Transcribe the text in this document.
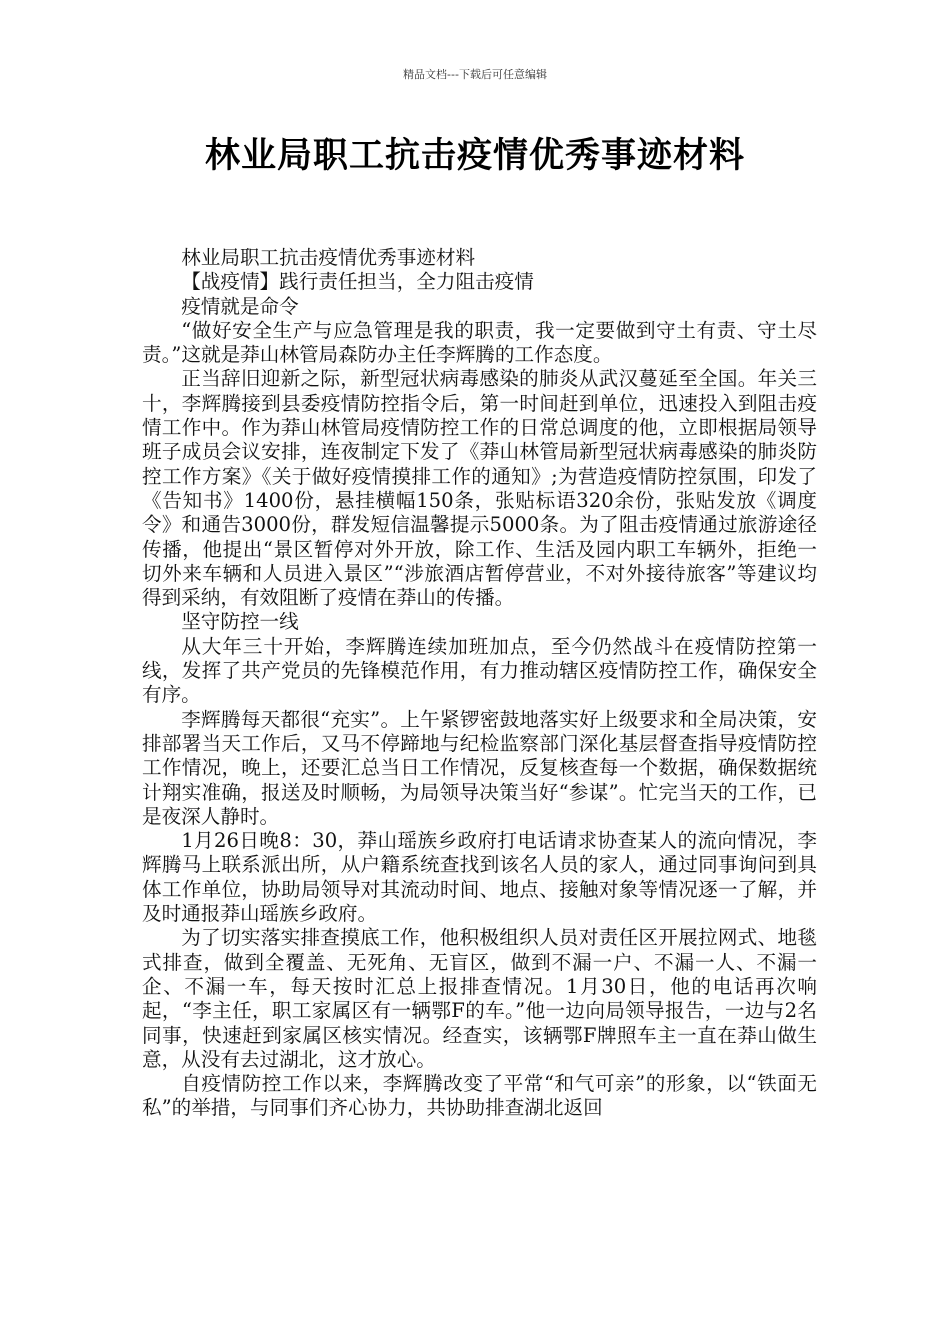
精品文档---下载后可任意编辑
林业局职工抗击疫情优秀事迹材料

林业局职工抗击疫情优秀事迹材料

【战疫情】践行责任担当，全力阻击疫情

疫情就是命令

“做好安全生产与应急管理是我的职责，我一定要做到守土有责、守土尽责。”这就是莽山林管局森防办主任李辉腾的工作态度。

正当辞旧迎新之际，新型冠状病毒感染的肺炎从武汉蔓延至全国。年关三十，李辉腾接到县委疫情防控指令后，第一时间赶到单位，迅速投入到阻击疫情工作中。作为莽山林管局疫情防控工作的日常总调度的他，立即根据局领导班子成员会议安排，连夜制定下发了《莽山林管局新型冠状病毒感染的肺炎防控工作方案》《关于做好疫情摸排工作的通知》;为营造疫情防控氛围，印发了《告知书》1400份，悬挂横幅150条，张贴标语320余份，张贴发放《调度令》和通告3000份，群发短信温馨提示5000条。为了阻击疫情通过旅游途径传播，他提出“景区暂停对外开放，除工作、生活及园内职工车辆外，拒绝一切外来车辆和人员进入景区”“涉旅酒店暂停营业，不对外接待旅客”等建议均得到采纳，有效阻断了疫情在莽山的传播。

坚守防控一线

从大年三十开始，李辉腾连续加班加点，至今仍然战斗在疫情防控第一线，发挥了共产党员的先锋模范作用，有力推动辖区疫情防控工作，确保安全有序。

李辉腾每天都很“充实”。上午紧锣密鼓地落实好上级要求和全局决策，安排部署当天工作后，又马不停蹄地与纪检监察部门深化基层督查指导疫情防控工作情况，晚上，还要汇总当日工作情况，反复核查每一个数据，确保数据统计翔实准确，报送及时顺畅，为局领导决策当好“参谋”。忙完当天的工作，已是夜深人静时。

1月26日晚8：30，莽山瑶族乡政府打电话请求协查某人的流向情况，李辉腾马上联系派出所，从户籍系统查找到该名人员的家人，通过同事询问到具体工作单位，协助局领导对其流动时间、地点、接触对象等情况逐一了解，并及时通报莽山瑶族乡政府。

为了切实落实排查摸底工作，他积极组织人员对责任区开展拉网式、地毯式排查，做到全覆盖、无死角、无盲区，做到不漏一户、不漏一人、不漏一企、不漏一车，每天按时汇总上报排查情况。1月30日，他的电话再次响起，“李主任，职工家属区有一辆鄂F的车。”他一边向局领导报告，一边与2名同事，快速赶到家属区核实情况。经查实，该辆鄂F牌照车主一直在莽山做生意，从没有去过湖北，这才放心。

自疫情防控工作以来，李辉腾改变了平常“和气可亲”的形象，以“铁面无私”的举措，与同事们齐心协力，共协助排查湖北返回
